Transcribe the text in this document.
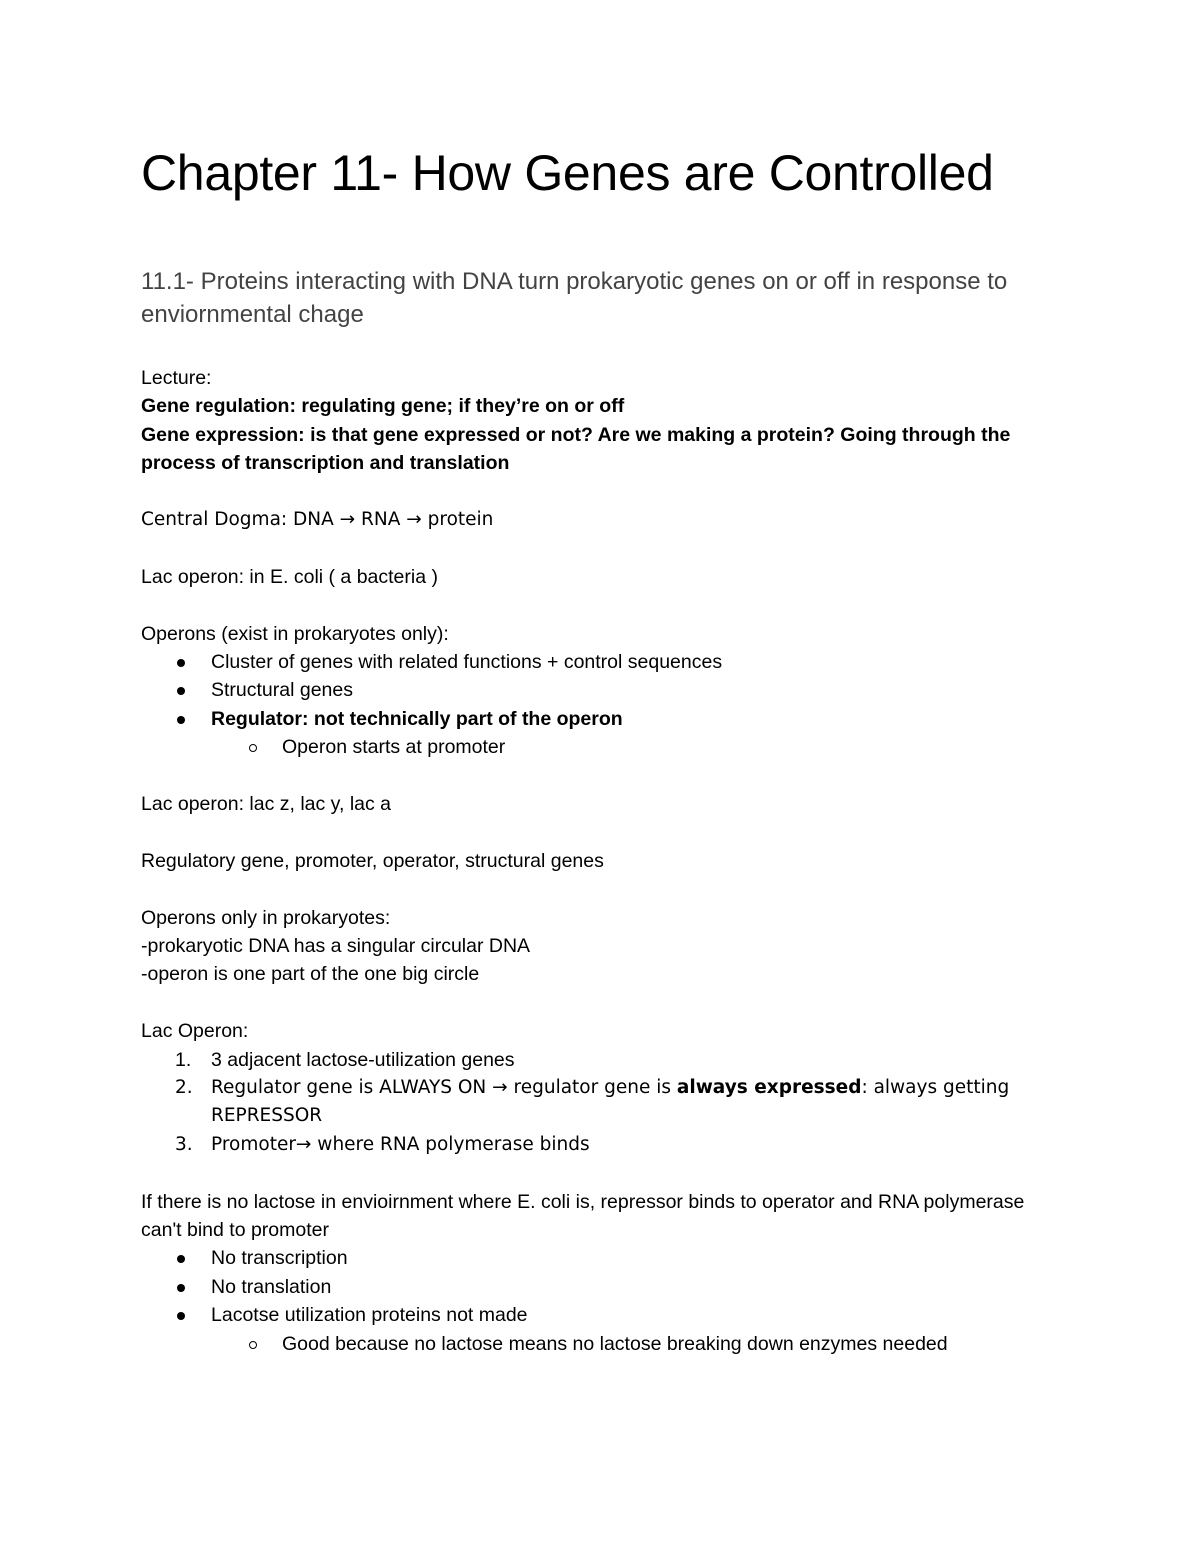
Chapter 11- How Genes are Controlled
11.1- Proteins interacting with DNA turn prokaryotic genes on or off in response to enviornmental chage

Lecture:

Gene regulation: regulating gene; if they’re on or off

Gene expression: is that gene expressed or not? Are we making a protein? Going through the process of transcription and translation

Central Dogma: DNA → RNA → protein

Lac operon: in E. coli ( a bacteria )

Operons (exist in prokaryotes only):

Cluster of genes with related functions + control sequences
Structural genes
Regulator: not technically part of the operon
Operon starts at promoter

Lac operon: lac z, lac y, lac a

Regulatory gene, promoter, operator, structural genes

Operons only in prokaryotes:

-prokaryotic DNA has a singular circular DNA

-operon is one part of the one big circle

Lac Operon:

1. 3 adjacent lactose-utilization genes
2. Regulator gene is ALWAYS ON → regulator gene is always expressed: always getting REPRESSOR
3. Promoter→ where RNA polymerase binds

If there is no lactose in envioirnment where E. coli is, repressor binds to operator and RNA polymerase can't bind to promoter

No transcription
No translation
Lacotse utilization proteins not made
Good because no lactose means no lactose breaking down enzymes needed
